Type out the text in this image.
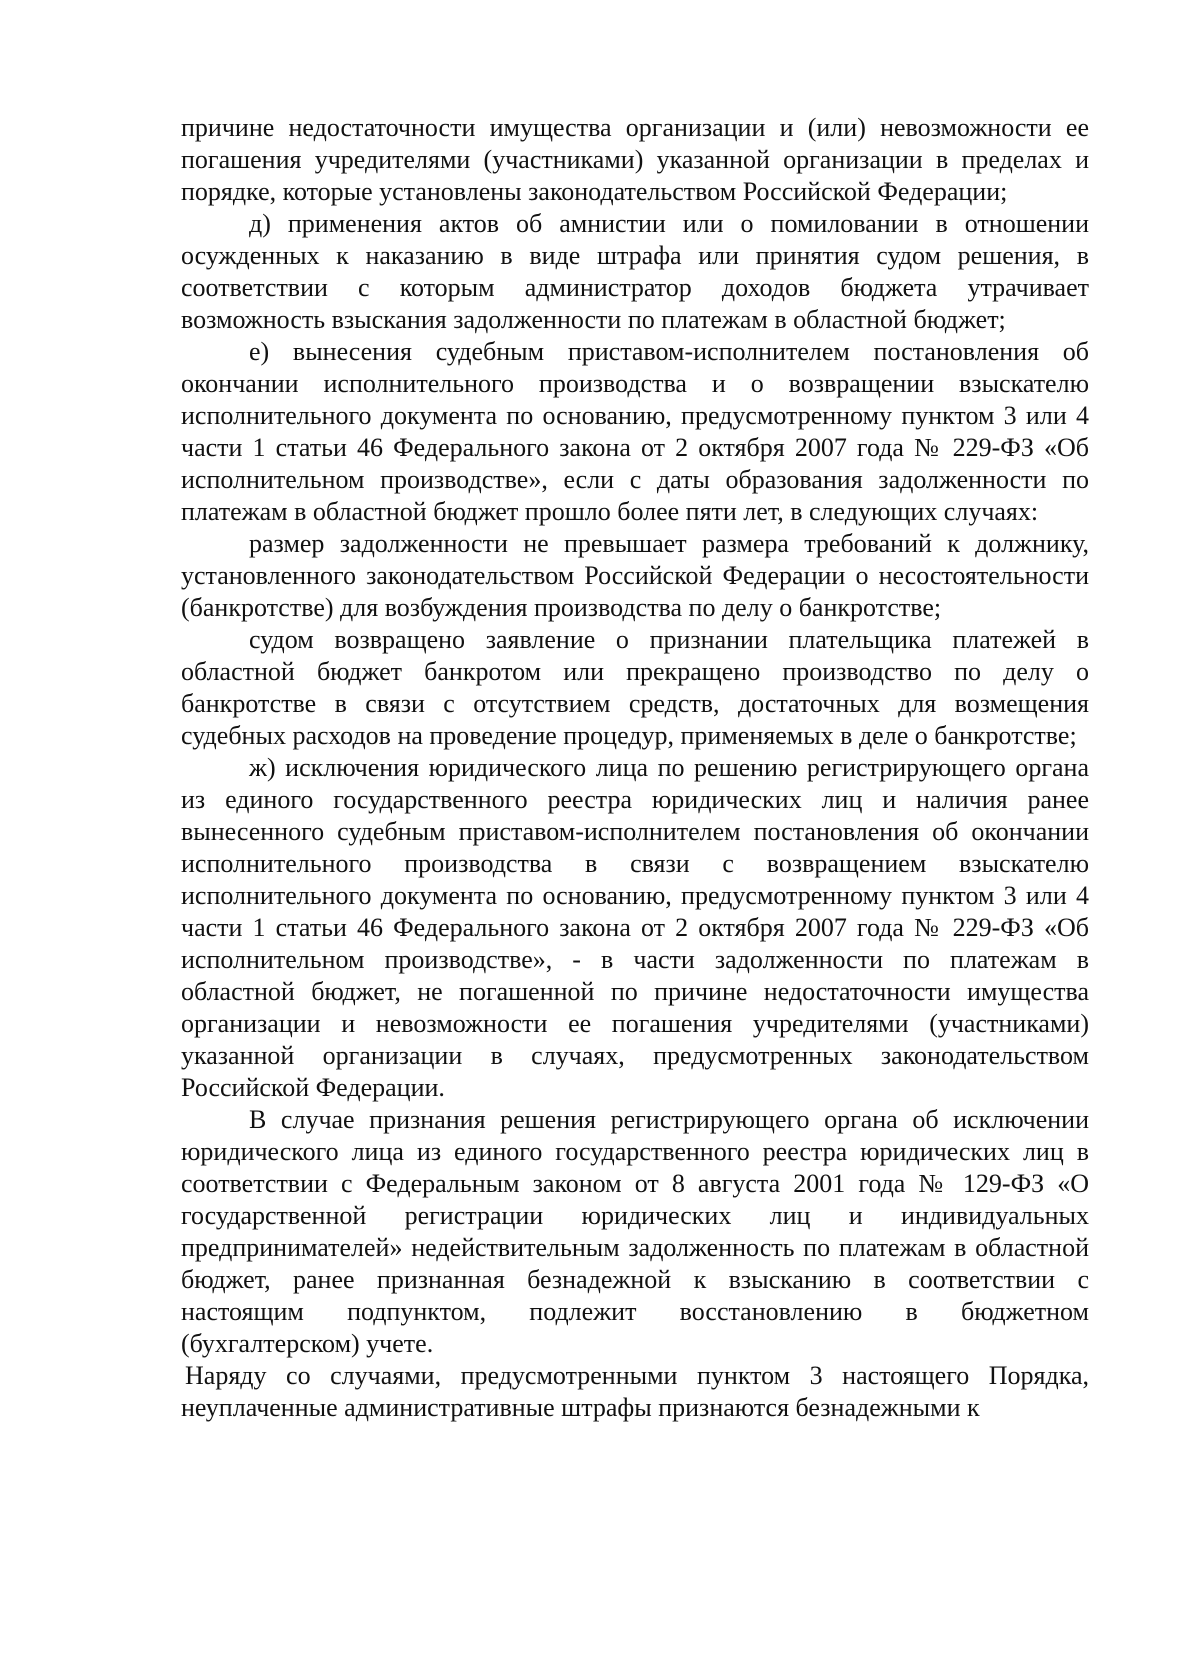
причине недостаточности имущества организации и (или) невозможности ее погашения учредителями (участниками) указанной организации в пределах и порядке, которые установлены законодательством Российской Федерации;

д) применения актов об амнистии или о помиловании в отношении осужденных к наказанию в виде штрафа или принятия судом решения, в соответствии с которым администратор доходов бюджета утрачивает возможность взыскания задолженности по платежам в областной бюджет;

е) вынесения судебным приставом-исполнителем постановления об окончании исполнительного производства и о возвращении взыскателю исполнительного документа по основанию, предусмотренному пунктом 3 или 4 части 1 статьи 46 Федерального закона от 2 октября 2007 года № 229-ФЗ «Об исполнительном производстве», если с даты образования задолженности по платежам в областной бюджет прошло более пяти лет, в следующих случаях:

размер задолженности не превышает размера требований к должнику, установленного законодательством Российской Федерации о несостоятельности (банкротстве) для возбуждения производства по делу о банкротстве;

судом возвращено заявление о признании плательщика платежей в областной бюджет банкротом или прекращено производство по делу о банкротстве в связи с отсутствием средств, достаточных для возмещения судебных расходов на проведение процедур, применяемых в деле о банкротстве;

ж) исключения юридического лица по решению регистрирующего органа из единого государственного реестра юридических лиц и наличия ранее вынесенного судебным приставом-исполнителем постановления об окончании исполнительного производства в связи с возвращением взыскателю исполнительного документа по основанию, предусмотренному пунктом 3 или 4 части 1 статьи 46 Федерального закона от 2 октября 2007 года № 229-ФЗ «Об исполнительном производстве», - в части задолженности по платежам в областной бюджет, не погашенной по причине недостаточности имущества организации и невозможности ее погашения учредителями (участниками) указанной организации в случаях, предусмотренных законодательством Российской Федерации.

В случае признания решения регистрирующего органа об исключении юридического лица из единого государственного реестра юридических лиц в соответствии с Федеральным законом от 8 августа 2001 года № 129-ФЗ «О государственной регистрации юридических лиц и индивидуальных предпринимателей» недействительным задолженность по платежам в областной бюджет, ранее признанная безнадежной к взысканию в соответствии с настоящим подпунктом, подлежит восстановлению в бюджетном (бухгалтерском) учете.

Наряду со случаями, предусмотренными пунктом 3 настоящего Порядка, неуплаченные административные штрафы признаются безнадежными к
